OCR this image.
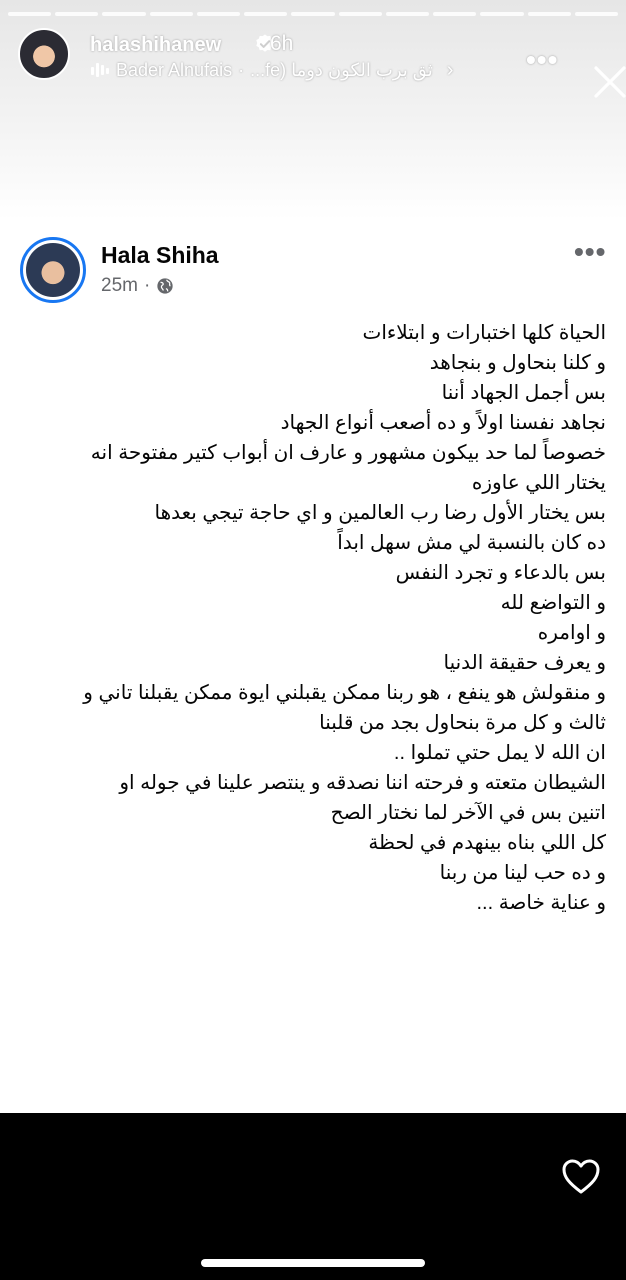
halashihanew 6h
Bader Alnufais · ثق برب الكون دوما (fe... ›	•••
Hala Shiha
25m ·
•••
الحياة كلها اختبارات و ابتلاءات
و كلنا بنحاول و بنجاهد
بس أجمل الجهاد أننا
نجاهد نفسنا اولاً و ده أصعب أنواع الجهاد
خصوصاً لما حد بيكون مشهور و عارف ان أبواب كتير مفتوحة انه
يختار اللي عاوزه
بس يختار الأول رضا رب العالمين و اي حاجة تيجي بعدها
ده كان بالنسبة لي مش سهل ابداً
بس بالدعاء و تجرد النفس
و التواضع لله
و اوامره
و يعرف حقيقة الدنيا
و منقولش هو ينفع ، هو ربنا ممكن يقبلني ايوة ممكن يقبلنا تاني و
ثالث و كل مرة بنحاول بجد من قلبنا
ان الله لا يمل حتي تملوا ..
الشيطان متعته و فرحته اننا نصدقه و ينتصر علينا في جوله او
اتنين بس في الآخر لما نختار الصح
كل اللي بناه بينهدم في لحظة
و ده حب لينا من ربنا
و عناية خاصة ...
